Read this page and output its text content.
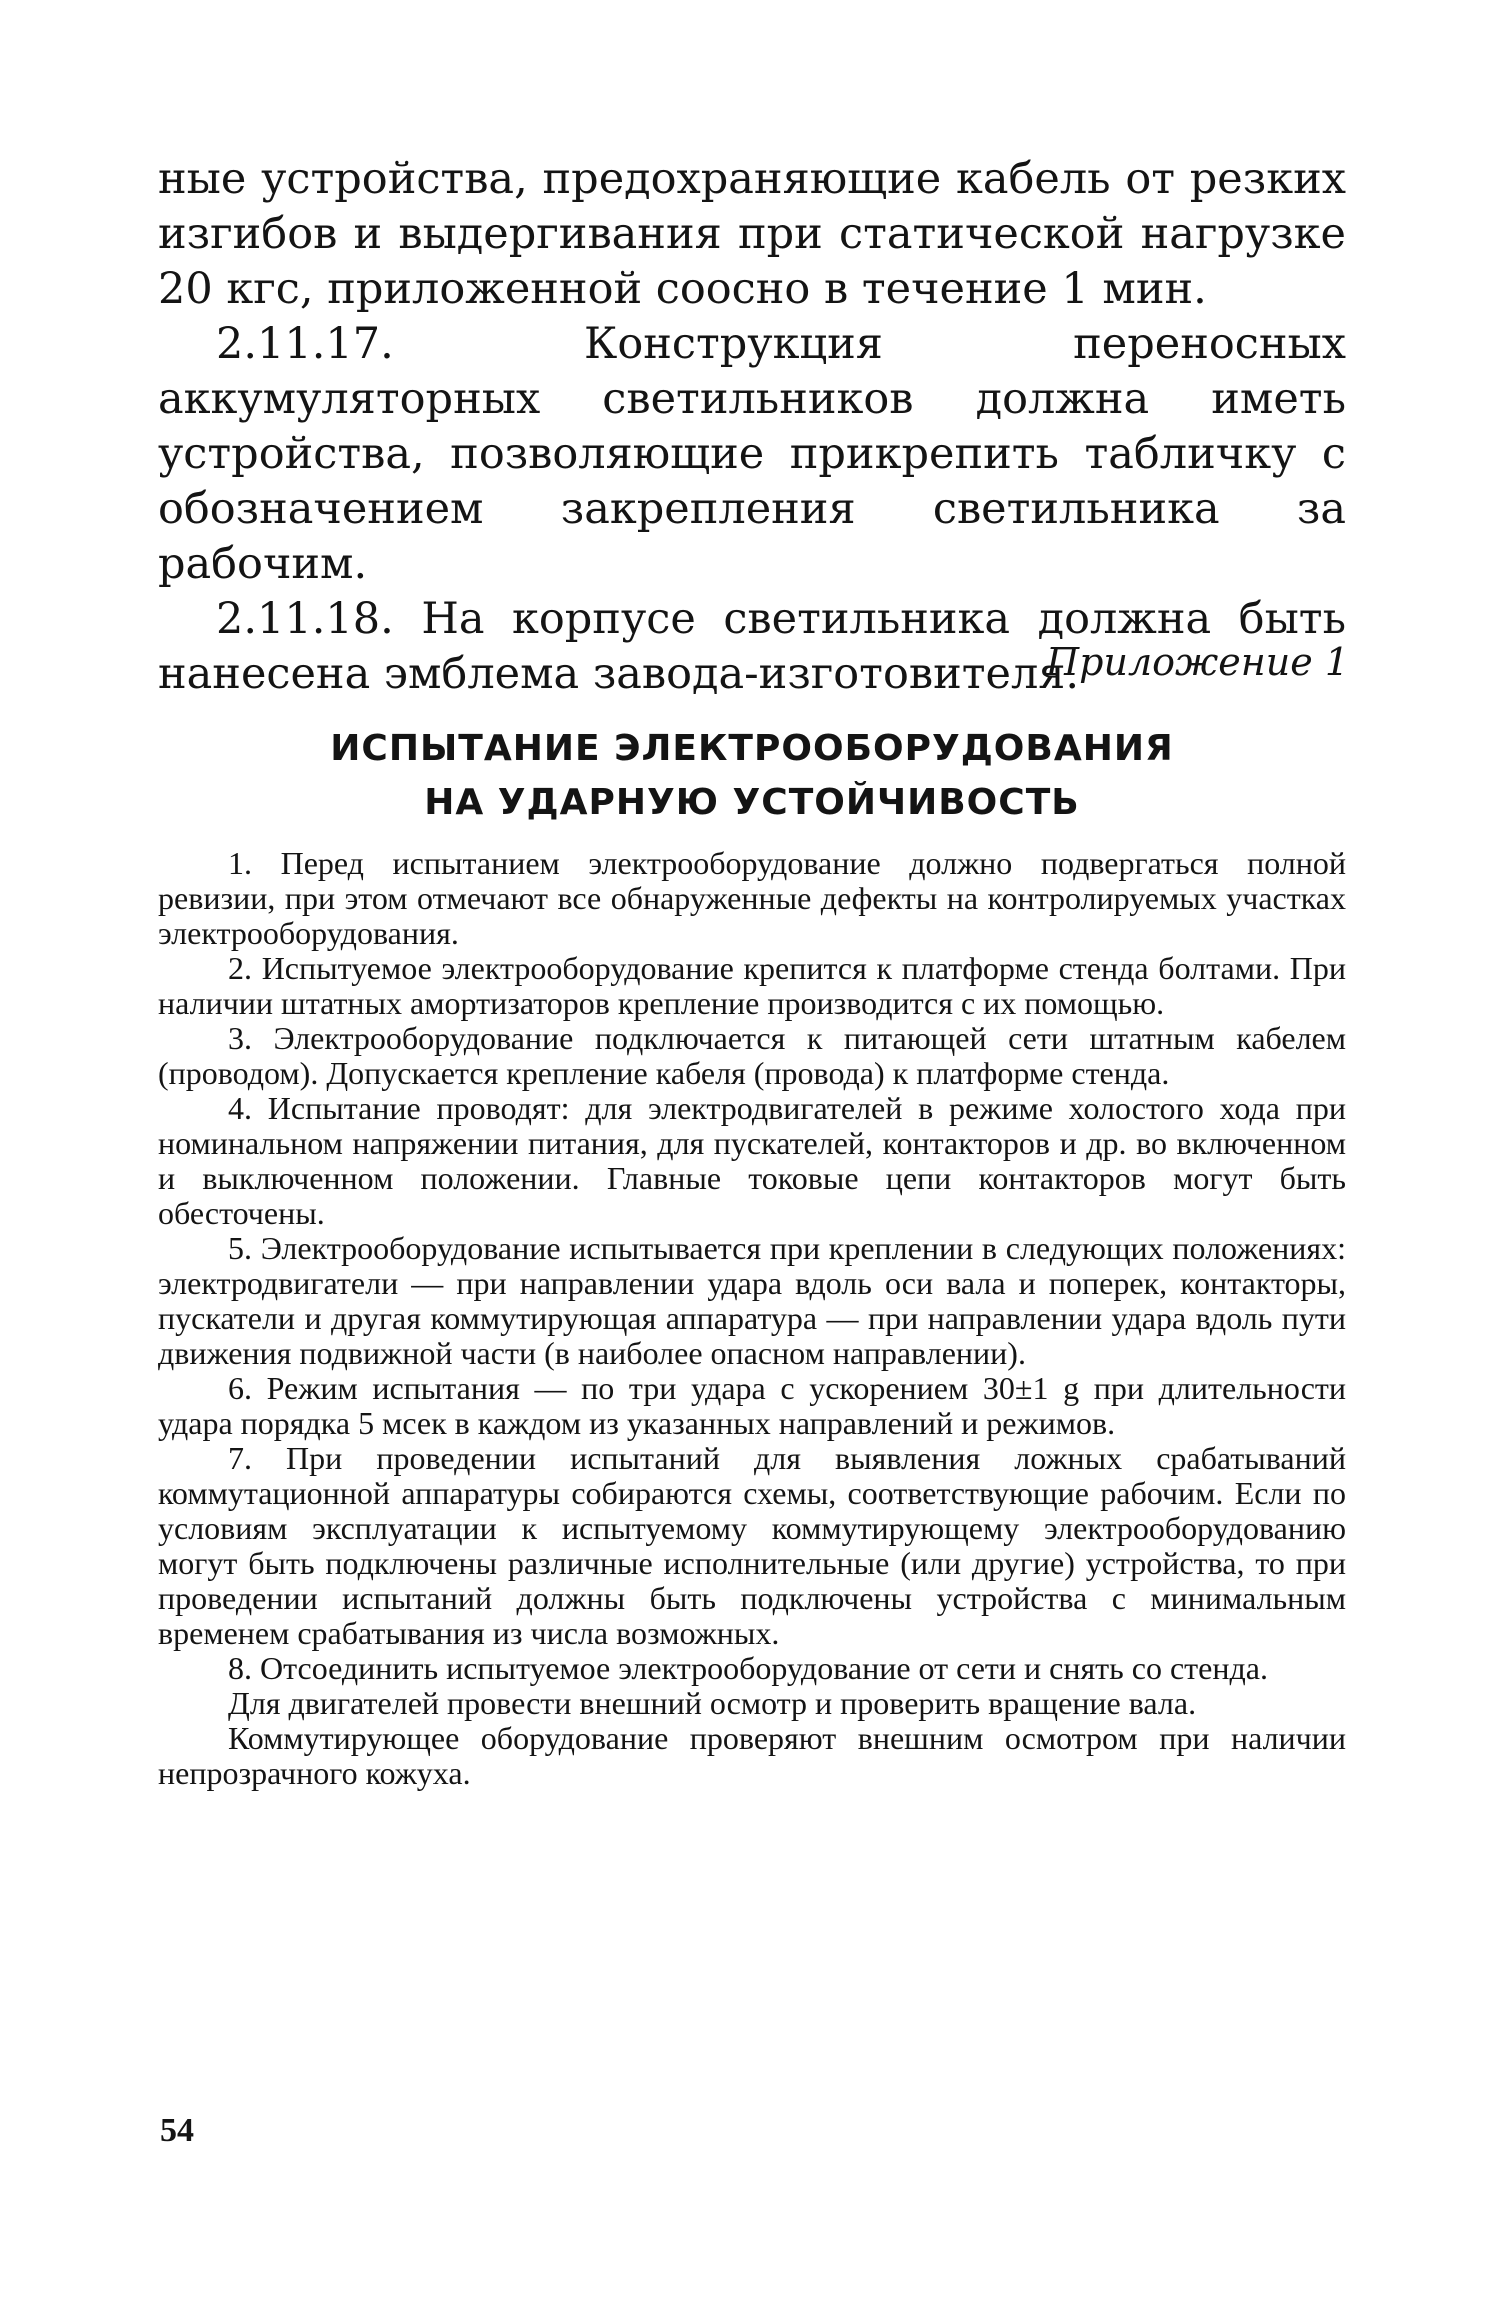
ные устройства, предохраняющие кабель от резких изгибов и выдергивания при статической нагрузке 20 кгс, приложенной соосно в течение 1 мин.

2.11.17. Конструкция переносных аккумуляторных светильников должна иметь устройства, позволяющие прикрепить табличку с обозначением закрепления светильника за рабочим.

2.11.18. На корпусе светильника должна быть нанесена эмблема завода-изготовителя.

Приложение 1
ИСПЫТАНИЕ ЭЛЕКТРООБОРУДОВАНИЯ
НА УДАРНУЮ УСТОЙЧИВОСТЬ

1. Перед испытанием электрооборудование должно подвергаться полной ревизии, при этом отмечают все обнаруженные дефекты на контролируемых участках электрооборудования.

2. Испытуемое электрооборудование крепится к платформе стенда болтами. При наличии штатных амортизаторов крепление производится с их помощью.

3. Электрооборудование подключается к питающей сети штатным кабелем (проводом). Допускается крепление кабеля (провода) к платформе стенда.

4. Испытание проводят: для электродвигателей в режиме холостого хода при номинальном напряжении питания, для пускателей, контакторов и др. во включенном и выключенном положении. Главные токовые цепи контакторов могут быть обесточены.

5. Электрооборудование испытывается при креплении в следующих положениях: электродвигатели — при направлении удара вдоль оси вала и поперек, контакторы, пускатели и другая коммутирующая аппаратура — при направлении удара вдоль пути движения подвижной части (в наиболее опасном направлении).

6. Режим испытания — по три удара с ускорением 30±1 g при длительности удара порядка 5 мсек в каждом из указанных направлений и режимов.

7. При проведении испытаний для выявления ложных срабатываний коммутационной аппаратуры собираются схемы, соответствующие рабочим. Если по условиям эксплуатации к испытуемому коммутирующему электрооборудованию могут быть подключены различные исполнительные (или другие) устройства, то при проведении испытаний должны быть подключены устройства с минимальным временем срабатывания из числа возможных.

8. Отсоединить испытуемое электрооборудование от сети и снять со стенда.

Для двигателей провести внешний осмотр и проверить вращение вала.

Коммутирующее оборудование проверяют внешним осмотром при наличии непрозрачного кожуха.

54
